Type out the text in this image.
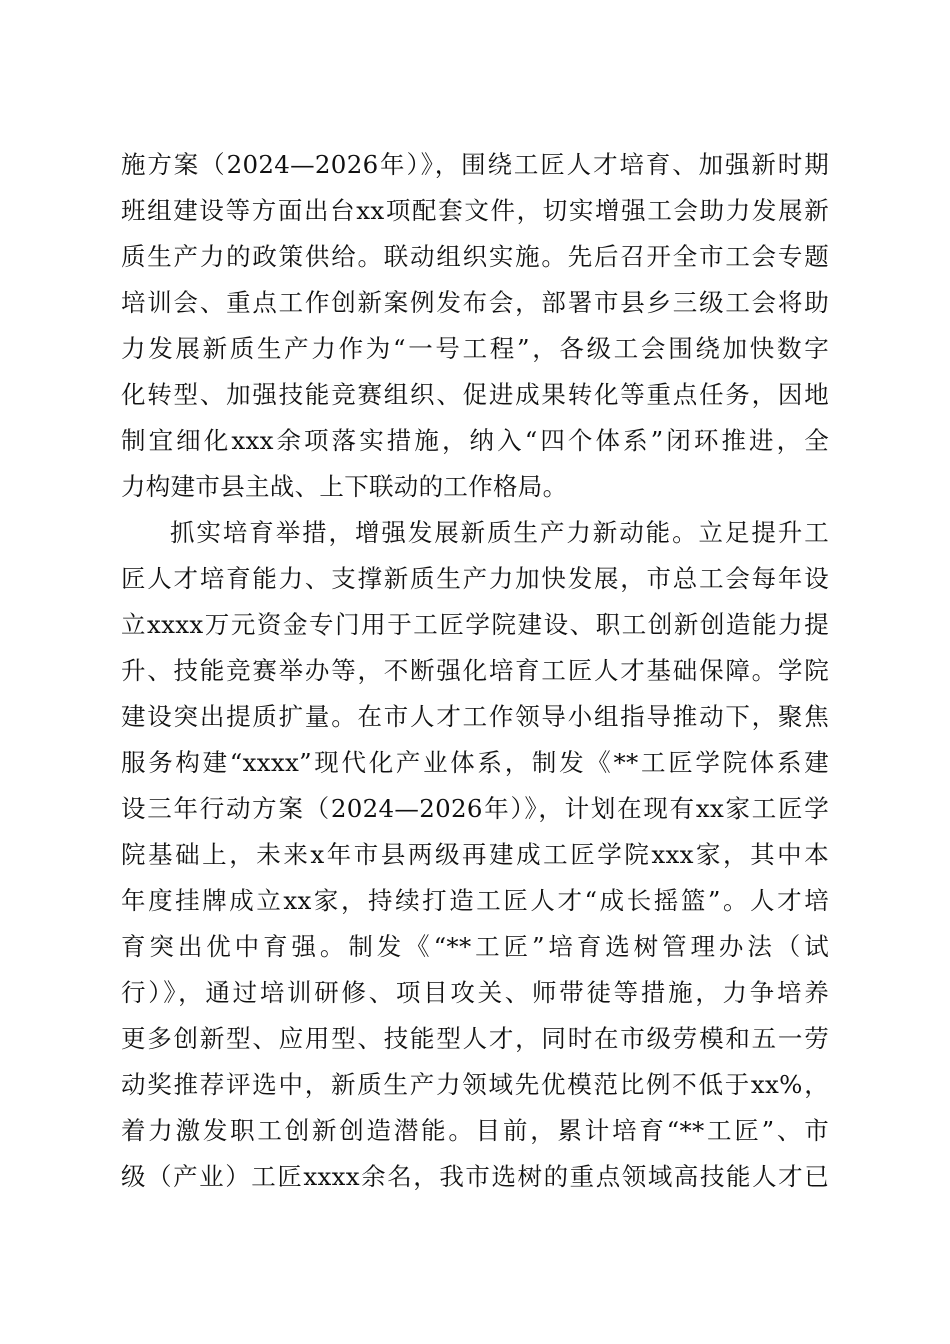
施方案（2024—2026年）》，围绕工匠人才培育、加强新时期
班组建设等方面出台xx项配套文件，切实增强工会助力发展新
质生产力的政策供给。联动组织实施。先后召开全市工会专题
培训会、重点工作创新案例发布会，部署市县乡三级工会将助
力发展新质生产力作为“一号工程”，各级工会围绕加快数字
化转型、加强技能竞赛组织、促进成果转化等重点任务，因地
制宜细化xxx余项落实措施，纳入“四个体系”闭环推进，全
力构建市县主战、上下联动的工作格局。
抓实培育举措，增强发展新质生产力新动能。立足提升工
匠人才培育能力、支撑新质生产力加快发展，市总工会每年设
立xxxx万元资金专门用于工匠学院建设、职工创新创造能力提
升、技能竞赛举办等，不断强化培育工匠人才基础保障。学院
建设突出提质扩量。在市人才工作领导小组指导推动下，聚焦
服务构建“xxxx”现代化产业体系，制发《**工匠学院体系建
设三年行动方案（2024—2026年）》，计划在现有xx家工匠学
院基础上，未来x年市县两级再建成工匠学院xxx家，其中本
年度挂牌成立xx家，持续打造工匠人才“成长摇篮”。人才培
育突出优中育强。制发《“**工匠”培育选树管理办法（试
行）》，通过培训研修、项目攻关、师带徒等措施，力争培养
更多创新型、应用型、技能型人才，同时在市级劳模和五一劳
动奖推荐评选中，新质生产力领域先优模范比例不低于xx%，
着力激发职工创新创造潜能。目前，累计培育“**工匠”、市
级（产业）工匠xxxx余名，我市选树的重点领域高技能人才已
